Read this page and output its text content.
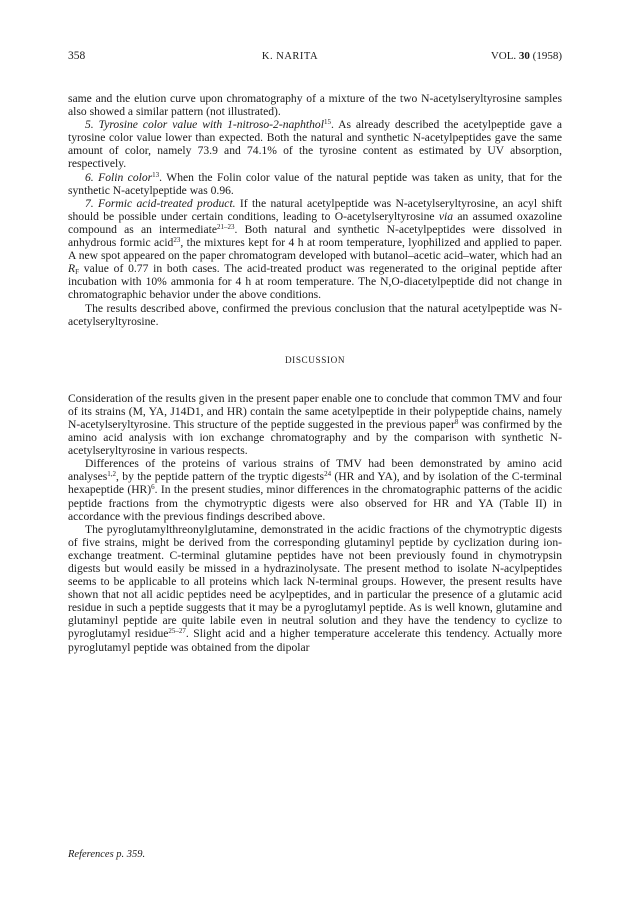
358	K. NARITA	VOL. 30 (1958)

same and the elution curve upon chromatography of a mixture of the two N-acetylseryltyrosine samples also showed a similar pattern (not illustrated).

5. Tyrosine color value with 1-nitroso-2-naphthol$^{15}$. As already described the acetylpeptide gave a tyrosine color value lower than expected. Both the natural and synthetic N-acetylpeptides gave the same amount of color, namely 73.9 and 74.1% of the tyrosine content as estimated by UV absorption, respectively.

6. Folin color$^{13}$. When the Folin color value of the natural peptide was taken as unity, that for the synthetic N-acetylpeptide was 0.96.

7. Formic acid-treated product. If the natural acetylpeptide was N-acetylseryltyrosine, an acyl shift should be possible under certain conditions, leading to O-acetylseryltyrosine via an assumed oxazoline compound as an intermediate$^{21-23}$. Both natural and synthetic N-acetylpeptides were dissolved in anhydrous formic acid$^{23}$, the mixtures kept for 4 h at room temperature, lyophilized and applied to paper. A new spot appeared on the paper chromatogram developed with butanol–acetic acid–water, which had an $R_F$ value of 0.77 in both cases. The acid-treated product was regenerated to the original peptide after incubation with 10% ammonia for 4 h at room temperature. The N,O-diacetylpeptide did not change in chromatographic behavior under the above conditions.

The results described above, confirmed the previous conclusion that the natural acetylpeptide was N-acetylseryltyrosine.

DISCUSSION

Consideration of the results given in the present paper enable one to conclude that common TMV and four of its strains (M, YA, J14D1, and HR) contain the same acetylpeptide in their polypeptide chains, namely N-acetylseryltyrosine. This structure of the peptide suggested in the previous paper$^8$ was confirmed by the amino acid analysis with ion exchange chromatography and by the comparison with synthetic N-acetylseryltyrosine in various respects.

Differences of the proteins of various strains of TMV had been demonstrated by amino acid analyses$^{1,2}$, by the peptide pattern of the tryptic digests$^{24}$ (HR and YA), and by isolation of the C-terminal hexapeptide (HR)$^6$. In the present studies, minor differences in the chromatographic patterns of the acidic peptide fractions from the chymotryptic digests were also observed for HR and YA (Table II) in accordance with the previous findings described above.

The pyroglutamylthreonylglutamine, demonstrated in the acidic fractions of the chymotryptic digests of five strains, might be derived from the corresponding glutaminyl peptide by cyclization during ion-exchange treatment. C-terminal glutamine peptides have not been previously found in chymotrypsin digests but would easily be missed in a hydrazinolysate. The present method to isolate N-acylpeptides seems to be applicable to all proteins which lack N-terminal groups. However, the present results have shown that not all acidic peptides need be acylpeptides, and in particular the presence of a glutamic acid residue in such a peptide suggests that it may be a pyroglutamyl peptide. As is well known, glutamine and glutaminyl peptide are quite labile even in neutral solution and they have the tendency to cyclize to pyroglutamyl residue$^{25-27}$. Slight acid and a higher temperature accelerate this tendency. Actually more pyroglutamyl peptide was obtained from the dipolar

References p. 359.
